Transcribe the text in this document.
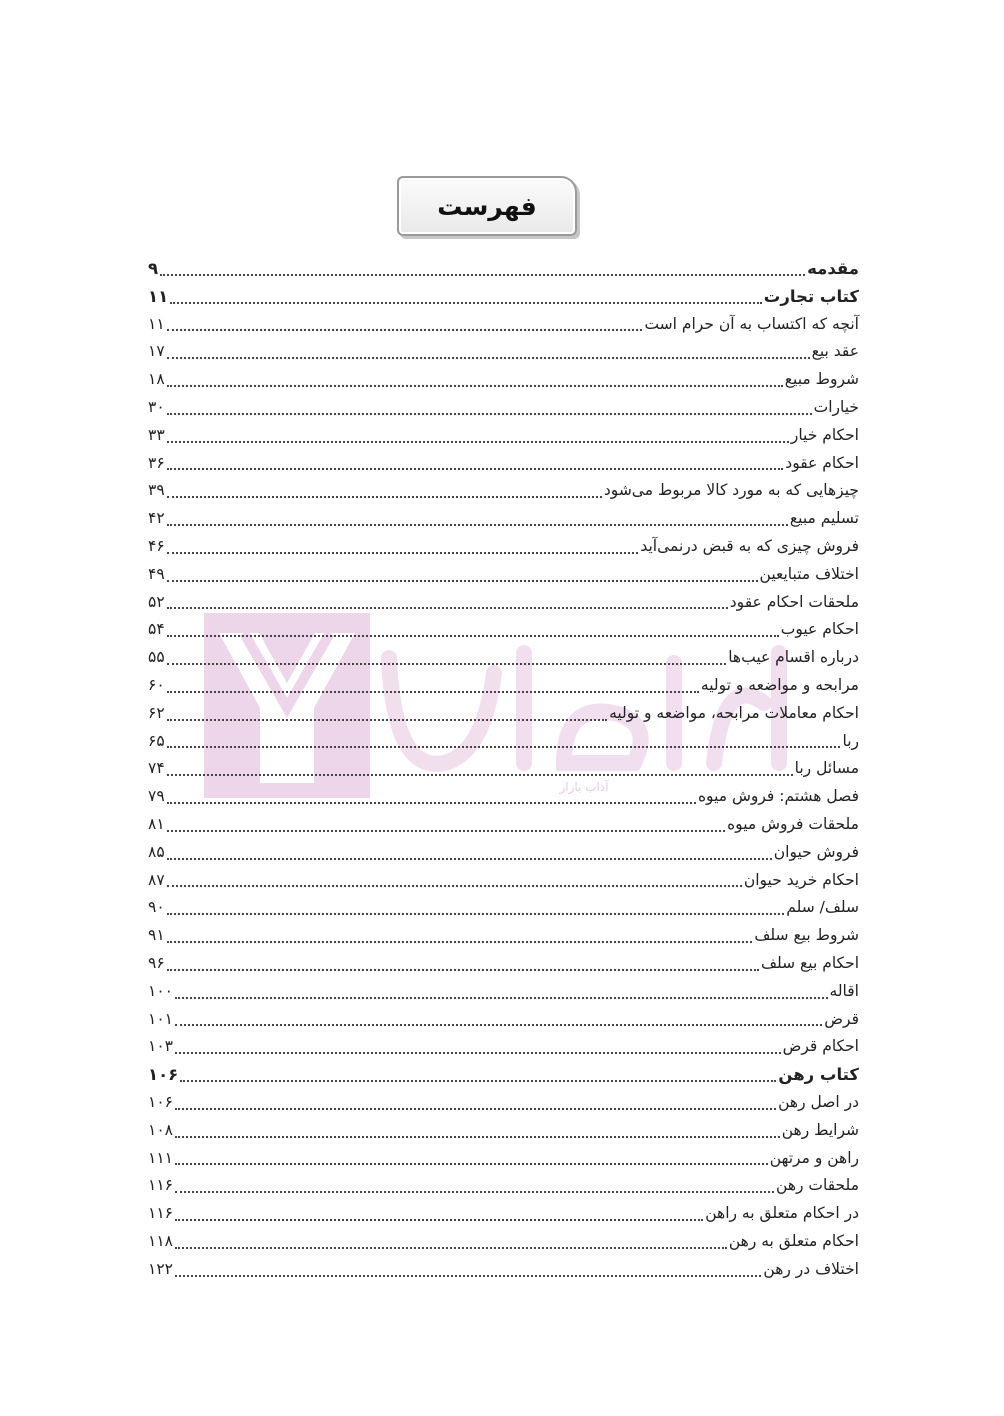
فهرست
آداب بازار
مقدمه
۹
کتاب تجارت
۱۱
آنچه که اکتساب به آن حرام است
۱۱
عقد بیع
۱۷
شروط مبیع
۱۸
خیارات
۳۰
احکام خیار
۳۳
احکام عقود
۳۶
چیزهایی که به مورد کالا مربوط می‌شود
۳۹
تسلیم مبیع
۴۲
فروش چیزی که به قبض درنمی‌آید
۴۶
اختلاف متبایعین
۴۹
ملحقات احکام عقود
۵۲
احکام عیوب
۵۴
درباره اقسام عیب‌ها
۵۵
مرابحه و مواضعه و تولیه
۶۰
احکام معاملات مرابحه، مواضعه و تولیه
۶۲
ربا
۶۵
مسائل ربا
۷۴
فصل هشتم: فروش میوه
۷۹
ملحقات فروش میوه
۸۱
فروش حیوان
۸۵
احکام خرید حیوان
۸۷
سلف/ سلم
۹۰
شروط بیع سلف
۹۱
احکام بیع سلف
۹۶
اقاله
۱۰۰
قرض
۱۰۱
احکام قرض
۱۰۳
کتاب رهن
۱۰۶
در اصل رهن
۱۰۶
شرایط رهن
۱۰۸
راهن و مرتهن
۱۱۱
ملحقات رهن
۱۱۶
در احکام متعلق به راهن
۱۱۶
احکام متعلق به رهن
۱۱۸
اختلاف در رهن
۱۲۲
